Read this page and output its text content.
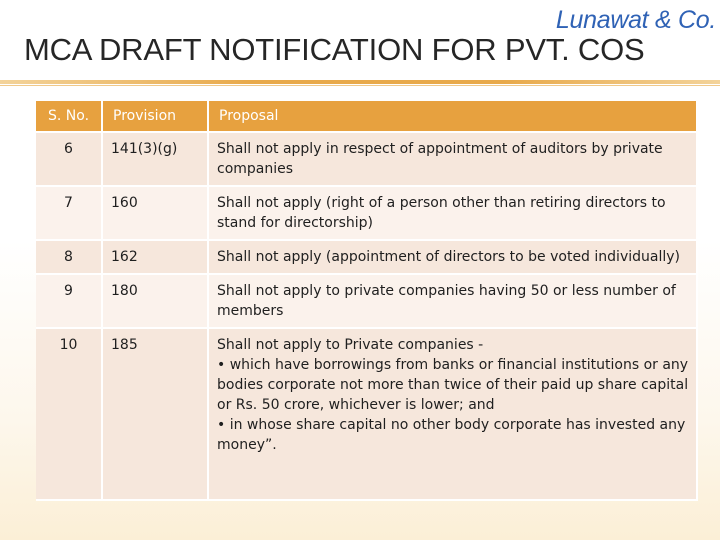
Lunawat & Co.
MCA DRAFT NOTIFICATION FOR PVT. COS
S. No.	Provision	Proposal
6	141(3)(g)	Shall not apply in respect of appointment of auditors by private companies

7	160	Shall not apply (right of a person other than retiring directors to stand for directorship)

8	162	Shall not apply (appointment of directors to be voted individually)

9	180	Shall not apply to private companies having 50 or less number of members

10	185	Shall not apply to Private companies -
• which have borrowings from banks or financial institutions or any bodies corporate not more than twice of their paid up share capital or Rs. 50 crore, whichever is lower; and
• in whose share capital no other body corporate has invested any money”.
